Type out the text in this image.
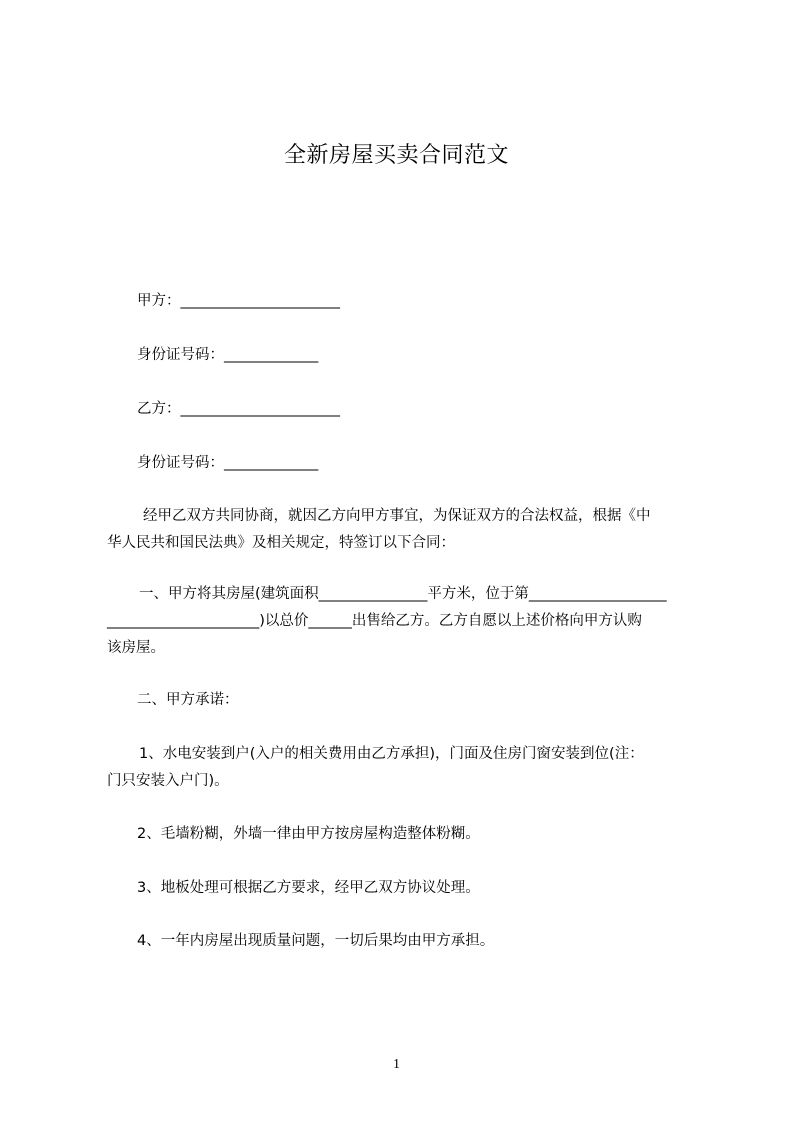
全新房屋买卖合同范文

甲方：______________________

身份证号码：_____________

乙方：______________________

身份证号码：_____________

经甲乙双方共同协商，就因乙方向甲方事宜，为保证双方的合法权益，根据《中

华人民共和国民法典》及相关规定，特签订以下合同：

一、甲方将其房屋(建筑面积_______________平方米，位于第___________________

_____________________)以总价______出售给乙方。乙方自愿以上述价格向甲方认购

该房屋。

二、甲方承诺：

1、水电安装到户(入户的相关费用由乙方承担)，门面及住房门窗安装到位(注：

门只安装入户门)。

2、毛墙粉糊，外墙一律由甲方按房屋构造整体粉糊。

3、地板处理可根据乙方要求，经甲乙双方协议处理。

4、一年内房屋出现质量问题，一切后果均由甲方承担。

1
